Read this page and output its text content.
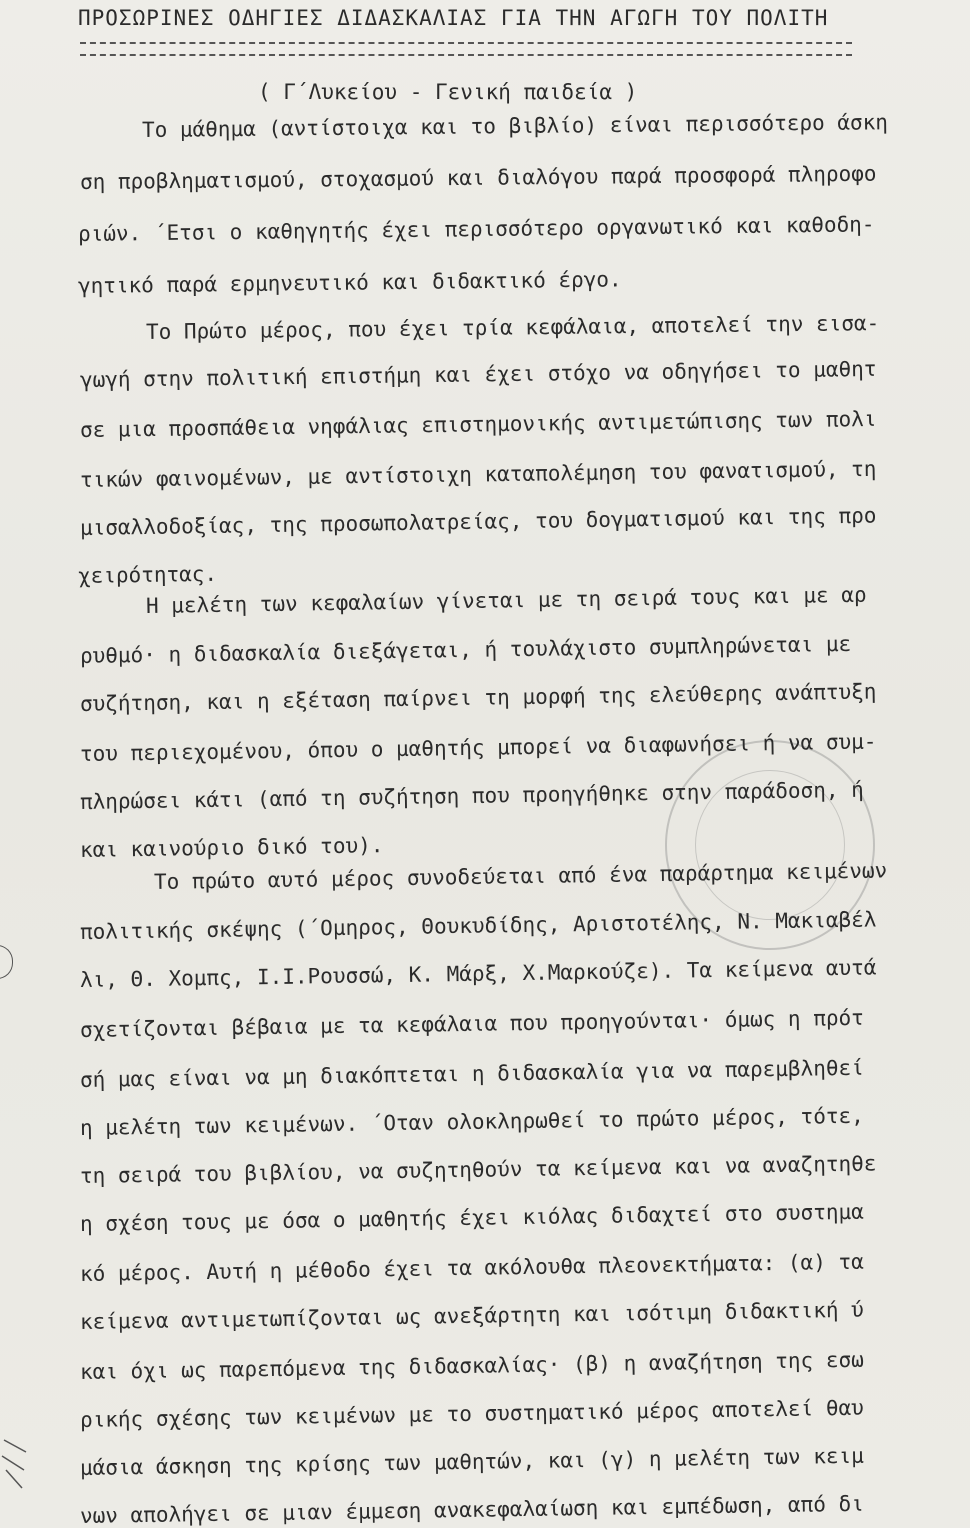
ΠΡΟΣΩΡΙΝΕΣ ΟΔΗΓΙΕΣ ΔΙΔΑΣΚΑΛΙΑΣ ΓΙΑ ΤΗΝ ΑΓΩΓΗ ΤΟΥ ΠΟΛΙΤΗ
( Γ΄Λυκείου - Γενική παιδεία )
Το μάθημα (αντίστοιχα και το βιβλίο) είναι περισσότερο άσκη
ση προβληματισμού, στοχασμού και διαλόγου παρά προσφορά πληροφο
ριών. ΄Ετσι ο καθηγητής έχει περισσότερο οργανωτικό και καθοδη-
γητικό παρά ερμηνευτικό και διδακτικό έργο.
Το Πρώτο μέρος, που έχει τρία κεφάλαια, αποτελεί την εισα-
γωγή στην πολιτική επιστήμη και έχει στόχο να οδηγήσει το μαθητ
σε μια προσπάθεια νηφάλιας επιστημονικής αντιμετώπισης των πολι
τικών φαινομένων, με αντίστοιχη καταπολέμηση του φανατισμού, τη
μισαλλοδοξίας, της προσωπολατρείας, του δογματισμού και της προ
χειρότητας.
Η μελέτη των κεφαλαίων γίνεται με τη σειρά τους και με αρ
ρυθμό· η διδασκαλία διεξάγεται, ή τουλάχιστο συμπληρώνεται με
συζήτηση, και η εξέταση παίρνει τη μορφή της ελεύθερης ανάπτυξη
του περιεχομένου, όπου ο μαθητής μπορεί να διαφωνήσει ή να συμ-
πληρώσει κάτι (από τη συζήτηση που προηγήθηκε στην παράδοση, ή
και καινούριο δικό του).
Το πρώτο αυτό μέρος συνοδεύεται από ένα παράρτημα κειμένων
πολιτικής σκέψης (΄Ομηρος, Θουκυδίδης, Αριστοτέλης, Ν. Μακιαβέλ
λι, Θ. Χομπς, Ι.Ι.Ρουσσώ, Κ. Μάρξ, Χ.Μαρκούζε). Τα κείμενα αυτά
σχετίζονται βέβαια με τα κεφάλαια που προηγούνται· όμως η πρότ
σή μας είναι να μη διακόπτεται η διδασκαλία για να παρεμβληθεί
η μελέτη των κειμένων. ΄Οταν ολοκληρωθεί το πρώτο μέρος, τότε,
τη σειρά του βιβλίου, να συζητηθούν τα κείμενα και να αναζητηθε
η σχέση τους με όσα ο μαθητής έχει κιόλας διδαχτεί στο συστημα
κό μέρος. Αυτή η μέθοδο έχει τα ακόλουθα πλεονεκτήματα: (α) τα
κείμενα αντιμετωπίζονται ως ανεξάρτητη και ισότιμη διδακτική ύ
και όχι ως παρεπόμενα της διδασκαλίας· (β) η αναζήτηση της εσω
ρικής σχέσης των κειμένων με το συστηματικό μέρος αποτελεί θαυ
μάσια άσκηση της κρίσης των μαθητών, και (γ) η μελέτη των κειμ
νων απολήγει σε μιαν έμμεση ανακεφαλαίωση και εμπέδωση, από δι
